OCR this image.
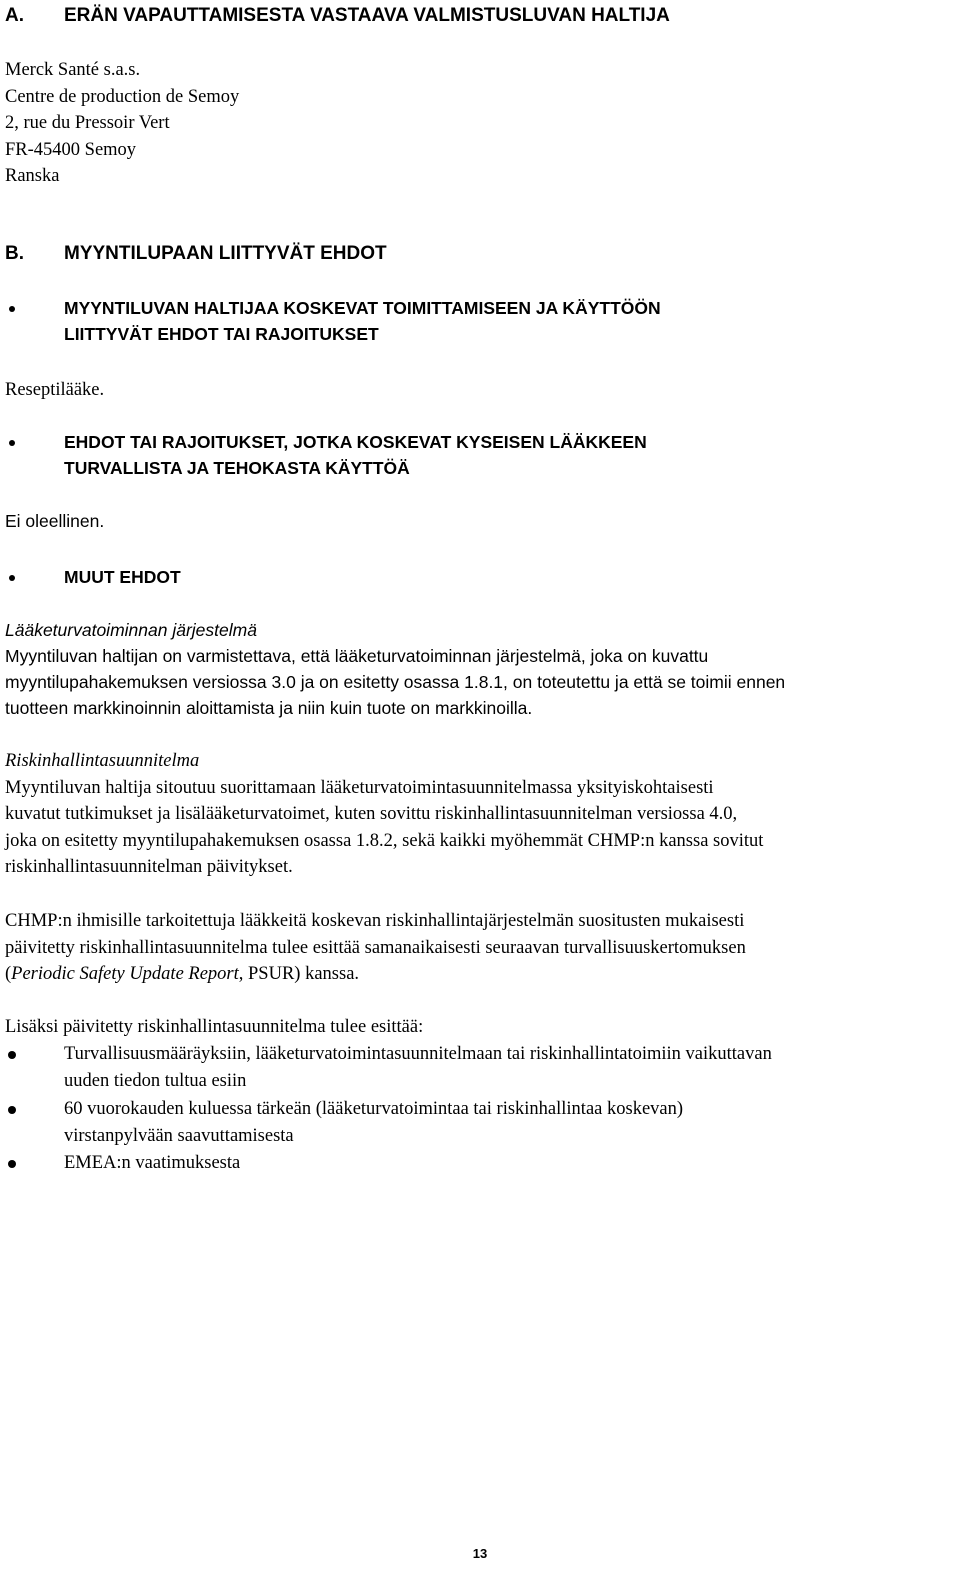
A. ERÄN VAPAUTTAMISESTA VASTAAVA VALMISTUSLUVAN HALTIJA
Merck Santé s.a.s.
Centre de production de Semoy
2, rue du Pressoir Vert
FR-45400 Semoy
Ranska
B. MYYNTILUPAAN LIITTYVÄT EHDOT
MYYNTILUVAN HALTIJAA KOSKEVAT TOIMITTAMISEEN JA KÄYTTÖÖN
LIITTYVÄT EHDOT TAI RAJOITUKSET
Reseptilääke.
EHDOT TAI RAJOITUKSET, JOTKA KOSKEVAT KYSEISEN LÄÄKKEEN
TURVALLISTA JA TEHOKASTA KÄYTTÖÄ
Ei oleellinen.
MUUT EHDOT
Lääketurvatoiminnan järjestelmä
Myyntiluvan haltijan on varmistettava, että lääketurvatoiminnan järjestelmä, joka on kuvattu
myyntilupahakemuksen versiossa 3.0 ja on esitetty osassa 1.8.1, on toteutettu ja että se toimii ennen
tuotteen markkinoinnin aloittamista ja niin kuin tuote on markkinoilla.
Riskinhallintasuunnitelma
Myyntiluvan haltija sitoutuu suorittamaan lääketurvatoimintasuunnitelmassa yksityiskohtaisesti
kuvatut tutkimukset ja lisälääketurvatoimet, kuten sovittu riskinhallintasuunnitelman versiossa 4.0,
joka on esitetty myyntilupahakemuksen osassa 1.8.2, sekä kaikki myöhemmät CHMP:n kanssa sovitut
riskinhallintasuunnitelman päivitykset.
CHMP:n ihmisille tarkoitettuja lääkkeitä koskevan riskinhallintajärjestelmän suositusten mukaisesti
päivitetty riskinhallintasuunnitelma tulee esittää samanaikaisesti seuraavan turvallisuuskertomuksen
(Periodic Safety Update Report, PSUR) kanssa.
Lisäksi päivitetty riskinhallintasuunnitelma tulee esittää:
Turvallisuusmääräyksiin, lääketurvatoimintasuunnitelmaan tai riskinhallintatoimiin vaikuttavan
uuden tiedon tultua esiin
60 vuorokauden kuluessa tärkeän (lääketurvatoimintaa tai riskinhallintaa koskevan)
virstanpylvään saavuttamisesta
EMEA:n vaatimuksesta
13
